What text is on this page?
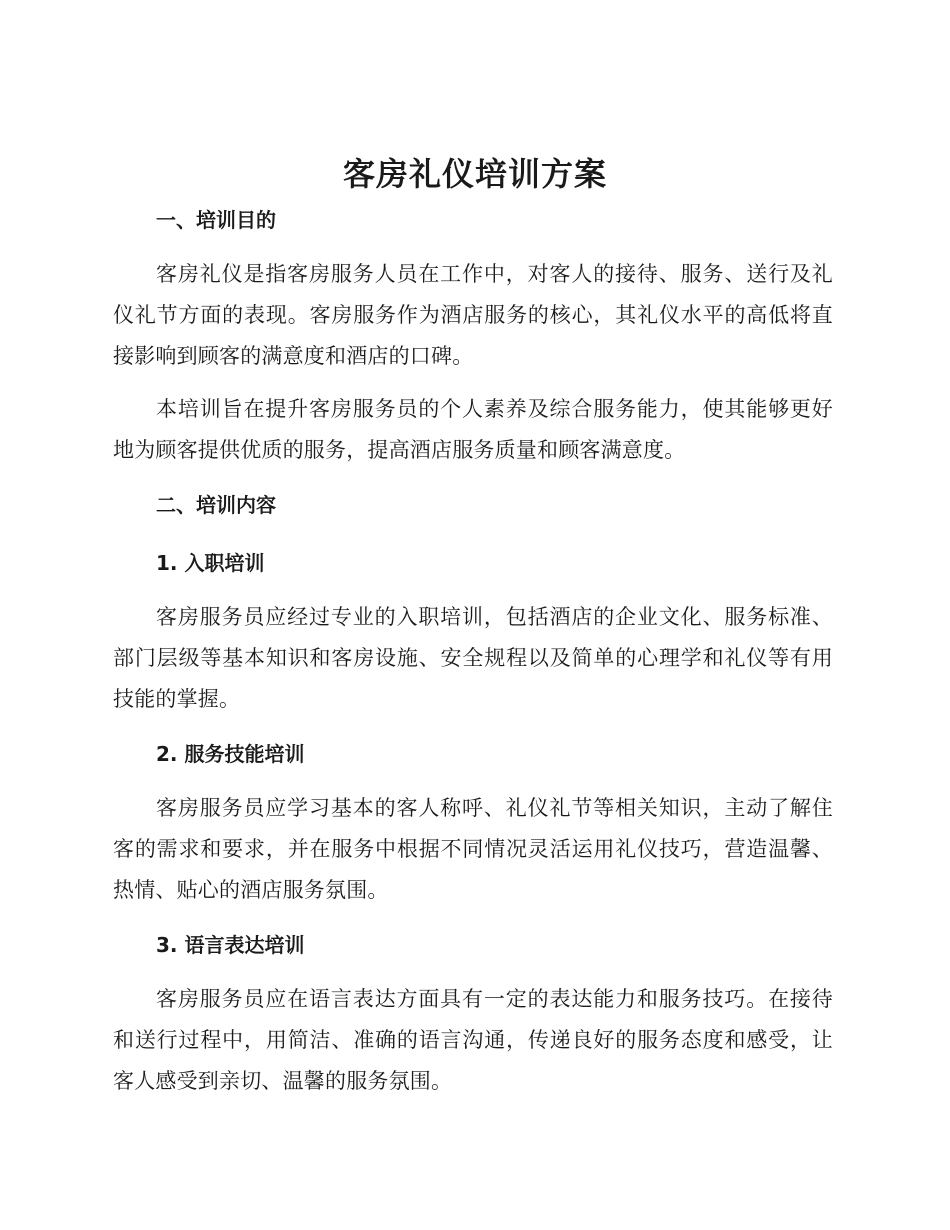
客房礼仪培训方案
一、培训目的

客房礼仪是指客房服务人员在工作中，对客人的接待、服务、送行及礼仪礼节方面的表现。客房服务作为酒店服务的核心，其礼仪水平的高低将直接影响到顾客的满意度和酒店的口碑。

本培训旨在提升客房服务员的个人素养及综合服务能力，使其能够更好地为顾客提供优质的服务，提高酒店服务质量和顾客满意度。

二、培训内容
1. 入职培训

客房服务员应经过专业的入职培训，包括酒店的企业文化、服务标准、部门层级等基本知识和客房设施、安全规程以及简单的心理学和礼仪等有用技能的掌握。

2. 服务技能培训

客房服务员应学习基本的客人称呼、礼仪礼节等相关知识，主动了解住客的需求和要求，并在服务中根据不同情况灵活运用礼仪技巧，营造温馨、热情、贴心的酒店服务氛围。

3. 语言表达培训

客房服务员应在语言表达方面具有一定的表达能力和服务技巧。在接待和送行过程中，用简洁、准确的语言沟通，传递良好的服务态度和感受，让客人感受到亲切、温馨的服务氛围。
